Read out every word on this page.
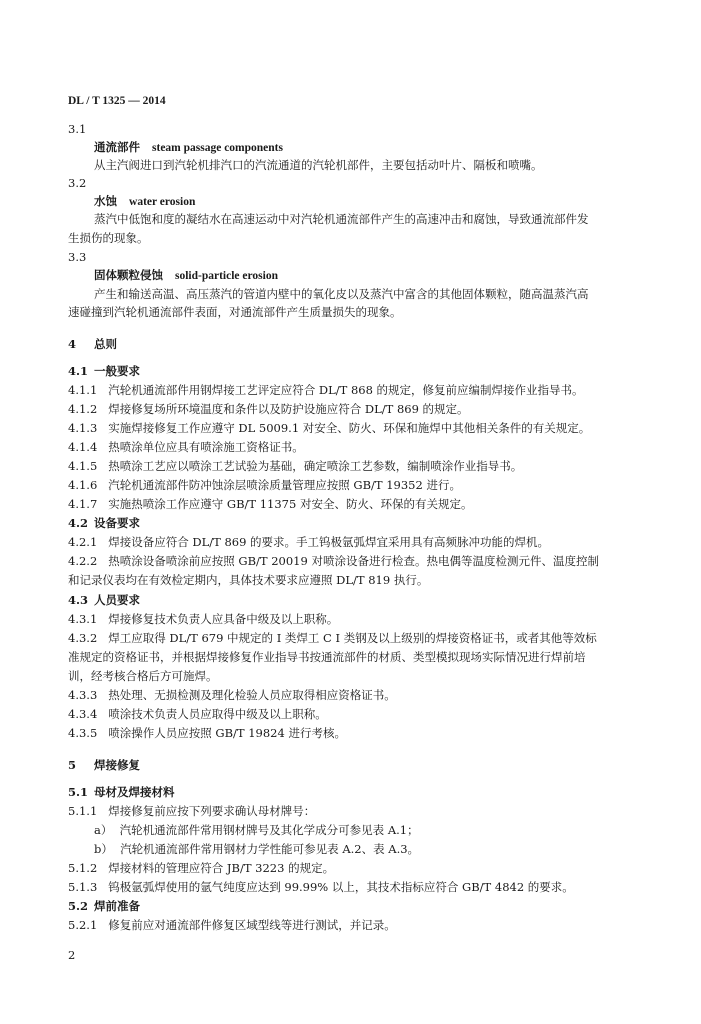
DL / T 1325 — 2014
3.1
通流部件 steam passage components
从主汽阀进口到汽轮机排汽口的汽流通道的汽轮机部件，主要包括动叶片、隔板和喷嘴。
3.2
水蚀 water erosion
蒸汽中低饱和度的凝结水在高速运动中对汽轮机通流部件产生的高速冲击和腐蚀，导致通流部件发
生损伤的现象。
3.3
固体颗粒侵蚀 solid-particle erosion
产生和输送高温、高压蒸汽的管道内壁中的氧化皮以及蒸汽中富含的其他固体颗粒，随高温蒸汽高
速碰撞到汽轮机通流部件表面，对通流部件产生质量损失的现象。
4 总则
4.1 一般要求
4.1.1 汽轮机通流部件用钢焊接工艺评定应符合 DL/T 868 的规定，修复前应编制焊接作业指导书。
4.1.2 焊接修复场所环境温度和条件以及防护设施应符合 DL/T 869 的规定。
4.1.3 实施焊接修复工作应遵守 DL 5009.1 对安全、防火、环保和施焊中其他相关条件的有关规定。
4.1.4 热喷涂单位应具有喷涂施工资格证书。
4.1.5 热喷涂工艺应以喷涂工艺试验为基础，确定喷涂工艺参数，编制喷涂作业指导书。
4.1.6 汽轮机通流部件防冲蚀涂层喷涂质量管理应按照 GB/T 19352 进行。
4.1.7 实施热喷涂工作应遵守 GB/T 11375 对安全、防火、环保的有关规定。
4.2 设备要求
4.2.1 焊接设备应符合 DL/T 869 的要求。手工钨极氩弧焊宜采用具有高频脉冲功能的焊机。
4.2.2 热喷涂设备喷涂前应按照 GB/T 20019 对喷涂设备进行检查。热电偶等温度检测元件、温度控制
和记录仪表均在有效检定期内，具体技术要求应遵照 DL/T 819 执行。
4.3 人员要求
4.3.1 焊接修复技术负责人应具备中级及以上职称。
4.3.2 焊工应取得 DL/T 679 中规定的 I 类焊工 C I 类钢及以上级别的焊接资格证书，或者其他等效标
准规定的资格证书，并根据焊接修复作业指导书按通流部件的材质、类型模拟现场实际情况进行焊前培
训，经考核合格后方可施焊。
4.3.3 热处理、无损检测及理化检验人员应取得相应资格证书。
4.3.4 喷涂技术负责人员应取得中级及以上职称。
4.3.5 喷涂操作人员应按照 GB/T 19824 进行考核。
5 焊接修复
5.1 母材及焊接材料
5.1.1 焊接修复前应按下列要求确认母材牌号：
a） 汽轮机通流部件常用钢材牌号及其化学成分可参见表 A.1；
b） 汽轮机通流部件常用钢材力学性能可参见表 A.2、表 A.3。
5.1.2 焊接材料的管理应符合 JB/T 3223 的规定。
5.1.3 钨极氩弧焊使用的氩气纯度应达到 99.99% 以上，其技术指标应符合 GB/T 4842 的要求。
5.2 焊前准备
5.2.1 修复前应对通流部件修复区域型线等进行测试，并记录。
2
